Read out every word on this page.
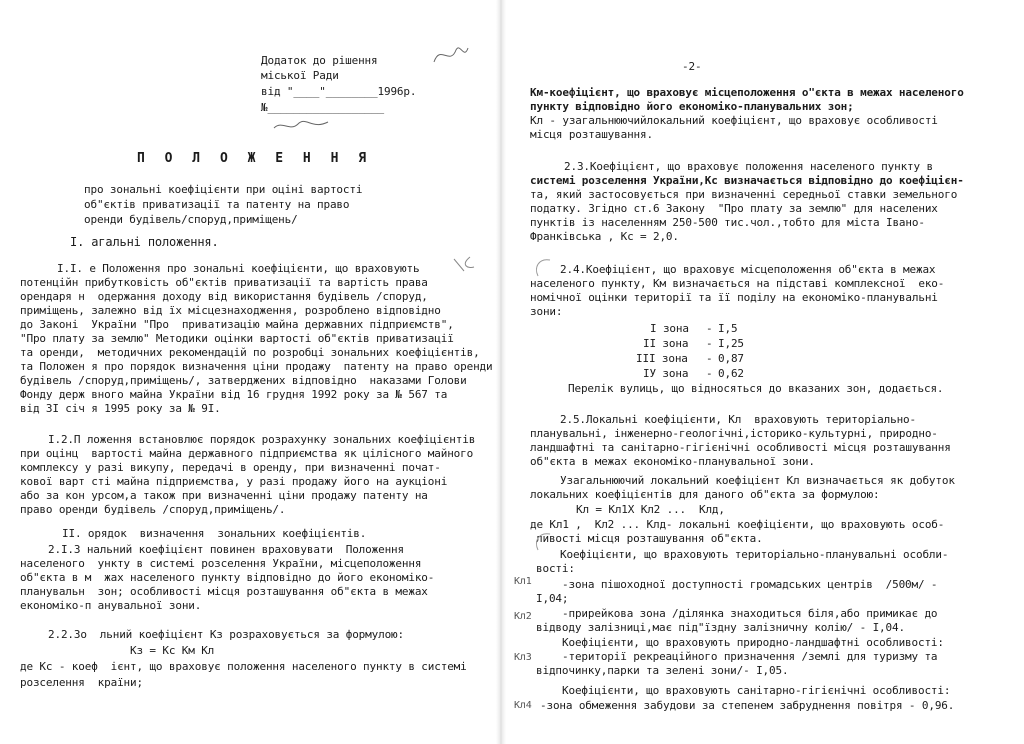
Додаток до рішення
міської Ради
від "____"________1996р.
№__________________
П О Л О Ж Е Н Н Я
про зональні коефіцієнти при оціні вартості
об"єктів приватизації та патенту на право
оренди будівель/споруд,приміщень/
I. агальні положення.
I.I. е Положення про зональні коефіцієнти, що враховують
потенційн прибутковість об"єктів приватизації та вартість права
орендаря н  одержання доходу від використання будівель /споруд,
приміщень, залежно від їх місцезнаходження, розроблено відповідно
до Законі  України "Про  приватизацію майна державних підприємств",
"Про плату за землю" Методики оцінки вартості об"єктів приватизації
та оренди,  методичних рекомендацій по розробці зональних коефіцієнтів,
та Положен я про порядок визначення ціни продажу  патенту на право оренди
будівель /споруд,приміщень/, затверджених відповідно  наказами Голови
Фонду держ вного майна України від 16 грудня 1992 року за № 567 та
від 3I січ я 1995 року за № 9I.
I.2.П ложення встановлює порядок розрахунку зональних коефіцієнтів
при оцінц  вартості майна державного підприємства як цілісного майного
комплексу у разі викупу, передачі в оренду, при визначенні почат-
кової варт сті майна підприємства, у разі продажу його на аукціоні
або за кон урсом,а також при визначенні ціни продажу патенту на
право оренди будівель /споруд,приміщень/.
II. орядок  визначення  зональних коефіцієнтів.
2.I.З нальний коефіцієнт повинен враховувати  Положення
населеного  ункту в системі розселення України, місцеположення
об"єкта в м  жах населеного пункту відповідно до його економіко-
планувальн  зон; особливості місця розташування об"єкта в межах
економіко-п анувальної зони.
2.2.Зо  льний коефіцієнт Кз розраховується за формулою:
Кз = Кс Км Кл
де Кс - коеф  ієнт, що враховує положення населеного пункту в системі
розселення  країни;
-2-
Км-коефіцієнт, що враховує місцеположення о"єкта в межах населеного
пункту відповідно його економіко-планувальних зон;
Кл - узагальнюючийлокальний коефіцієнт, що враховує особливості
місця розташування.
2.3.Коефіцієнт, що враховує положення населеного пункту в
системі розселення України,Кс визначається відповідно до коефіцієн-
та, який застосовується при визначенні середньої ставки земельного
податку. Згідно ст.6 Закону  "Про плату за землю" для населених
пунктів із населенням 250-500 тис.чол.,тобто для міста Івано-
Франківська , Кс = 2,0.
2.4.Коефіцієнт, що враховує місцеположення об"єкта в межах
населеного пункту, Км визначається на підставі комплексної  еко-
номічної оцінки території та її поділу на економіко-планувальні
зони:
I зона - I,5
II зона - I,25
III зона - 0,87
IУ зона - 0,62
Перелік вулиць, що відносяться до вказаних зон, додається.
2.5.Локальні коефіцієнти, Кл  враховують територіально-
планувальні, інженерно-геологічні,історико-культурні, природно-
ландшафтні та санітарно-гігієнічні особливості місця розташування
об"єкта в межах економіко-планувальної зони.
Узагальнюючий локальний коефіцієнт Кл визначається як добуток
локальних коефіцієнтів для даного об"єкта за формулою:
Кл = Кл1Х Кл2 ...  Клд,
де Кл1 ,  Кл2 ... Клд- локальні коефіцієнти, що враховують особ-
ливості місця розташування об"єкта.
Коефіцієнти, що враховують територіально-планувальні особли-
вості:
Кл1	-зона пішоходної доступності громадських центрів  /500м/ -
I,04;
Кл2	-прирейкова зона /ділянка знаходиться біля,або примикає до
відводу залізниці,має під"їздну залізничну колію/ - I,04.
Коефіцієнти, що враховують природно-ландшафтні особливості:
Кл3	-території рекреаційного призначення /землі для туризму та
відпочинку,парки та зелені зони/- I,05.
Коефіцієнти, що враховують санітарно-гігієнічні особливості:
Кл4 -зона обмеження забудови за степенем забруднення повітря - 0,96.
